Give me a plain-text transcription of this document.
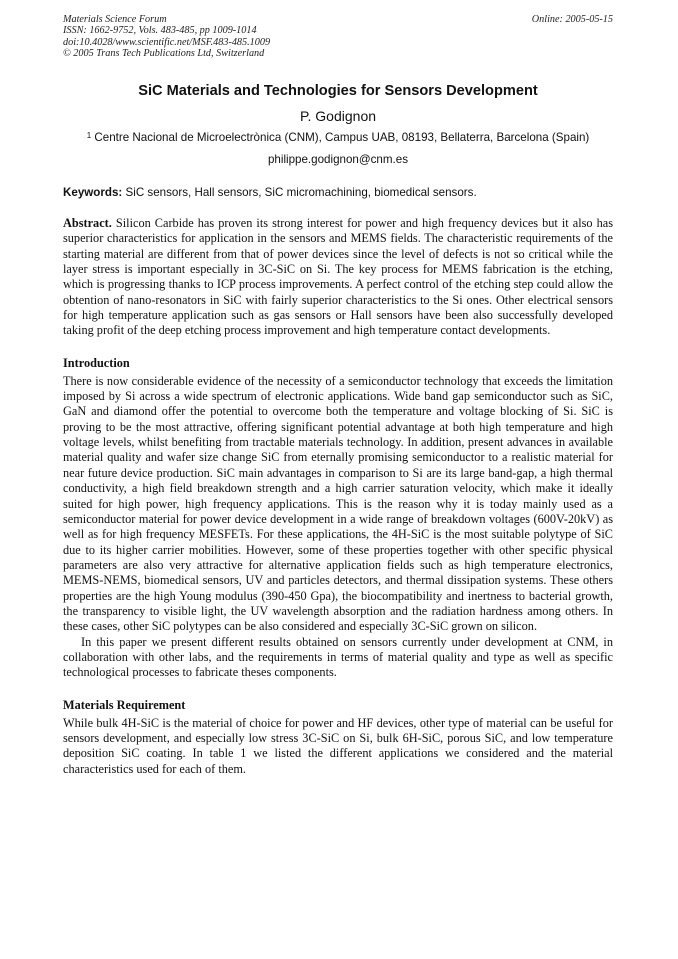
Materials Science Forum
ISSN: 1662-9752, Vols. 483-485, pp 1009-1014
doi:10.4028/www.scientific.net/MSF.483-485.1009
© 2005 Trans Tech Publications Ltd, Switzerland
Online: 2005-05-15
SiC Materials and Technologies for Sensors Development
P. Godignon
$^1$ Centre Nacional de Microelectrònica (CNM), Campus UAB, 08193, Bellaterra, Barcelona (Spain)
philippe.godignon@cnm.es
Keywords: SiC sensors, Hall sensors, SiC micromachining, biomedical sensors.
Abstract. Silicon Carbide has proven its strong interest for power and high frequency devices but it also has superior characteristics for application in the sensors and MEMS fields. The characteristic requirements of the starting material are different from that of power devices since the level of defects is not so critical while the layer stress is important especially in 3C-SiC on Si. The key process for MEMS fabrication is the etching, which is progressing thanks to ICP process improvements. A perfect control of the etching step could allow the obtention of nano-resonators in SiC with fairly superior characteristics to the Si ones. Other electrical sensors for high temperature application such as gas sensors or Hall sensors have been also successfully developed taking profit of the deep etching process improvement and high temperature contact developments.
Introduction

There is now considerable evidence of the necessity of a semiconductor technology that exceeds the limitation imposed by Si across a wide spectrum of electronic applications. Wide band gap semiconductor such as SiC, GaN and diamond offer the potential to overcome both the temperature and voltage blocking of Si. SiC is proving to be the most attractive, offering significant potential advantage at both high temperature and high voltage levels, whilst benefiting from tractable materials technology. In addition, present advances in available material quality and wafer size change SiC from eternally promising semiconductor to a realistic material for near future device production. SiC main advantages in comparison to Si are its large band-gap, a high thermal conductivity, a high field breakdown strength and a high carrier saturation velocity, which make it ideally suited for high power, high frequency applications. This is the reason why it is today mainly used as a semiconductor material for power device development in a wide range of breakdown voltages (600V-20kV) as well as for high frequency MESFETs. For these applications, the 4H-SiC is the most suitable polytype of SiC due to its higher carrier mobilities. However, some of these properties together with other specific physical parameters are also very attractive for alternative application fields such as high temperature electronics, MEMS-NEMS, biomedical sensors, UV and particles detectors, and thermal dissipation systems. These others properties are the high Young modulus (390-450 Gpa), the biocompatibility and inertness to bacterial growth, the transparency to visible light, the UV wavelength absorption and the radiation hardness among others. In these cases, other SiC polytypes can be also considered and especially 3C-SiC grown on silicon.

In this paper we present different results obtained on sensors currently under development at CNM, in collaboration with other labs, and the requirements in terms of material quality and type as well as specific technological processes to fabricate theses components.

Materials Requirement

While bulk 4H-SiC is the material of choice for power and HF devices, other type of material can be useful for sensors development, and especially low stress 3C-SiC on Si, bulk 6H-SiC, porous SiC, and low temperature deposition SiC coating. In table 1 we listed the different applications we considered and the material characteristics used for each of them.
